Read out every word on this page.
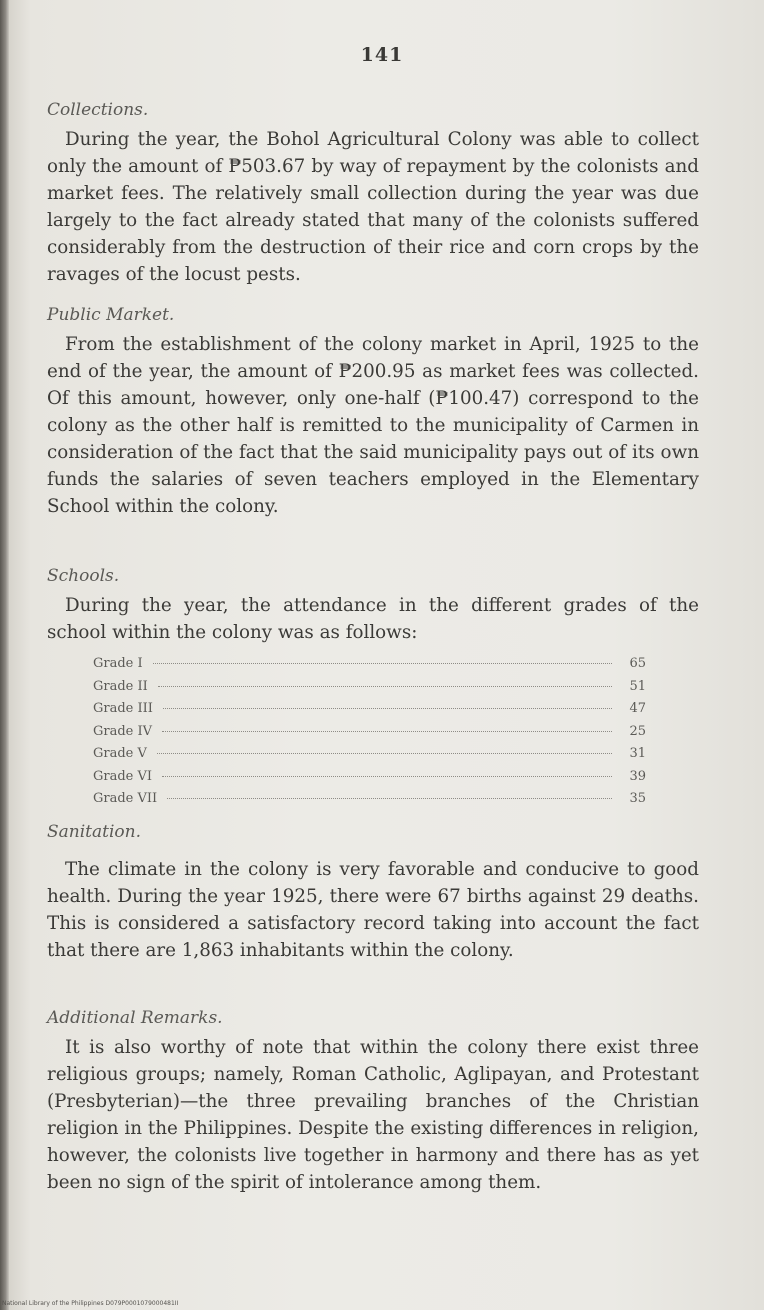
141
Collections.

During the year, the Bohol Agricultural Colony was able to collect only the amount of ₱503.67 by way of repayment by the colonists and market fees. The relatively small collection during the year was due largely to the fact already stated that many of the colonists suffered considerably from the destruction of their rice and corn crops by the ravages of the locust pests.

Public Market.

From the establishment of the colony market in April, 1925 to the end of the year, the amount of ₱200.95 as market fees was collected. Of this amount, however, only one-half (₱100.47) correspond to the colony as the other half is remitted to the municipality of Carmen in consideration of the fact that the said municipality pays out of its own funds the salaries of seven teachers employed in the Elementary School within the colony.

Schools.

During the year, the attendance in the different grades of the school within the colony was as follows:

Grade I	65
Grade II	51
Grade III	47
Grade IV	25
Grade V	31
Grade VI	39
Grade VII	35
Sanitation.

The climate in the colony is very favorable and conducive to good health. During the year 1925, there were 67 births against 29 deaths. This is considered a satisfactory record taking into account the fact that there are 1,863 inhabitants within the colony.

Additional Remarks.

It is also worthy of note that within the colony there exist three religious groups; namely, Roman Catholic, Aglipayan, and Protestant (Presbyterian)—the three prevailing branches of the Christian religion in the Philippines. Despite the existing differences in religion, however, the colonists live together in harmony and there has as yet been no sign of the spirit of intolerance among them.

National Library of the Philippines D079P0001079000481II
